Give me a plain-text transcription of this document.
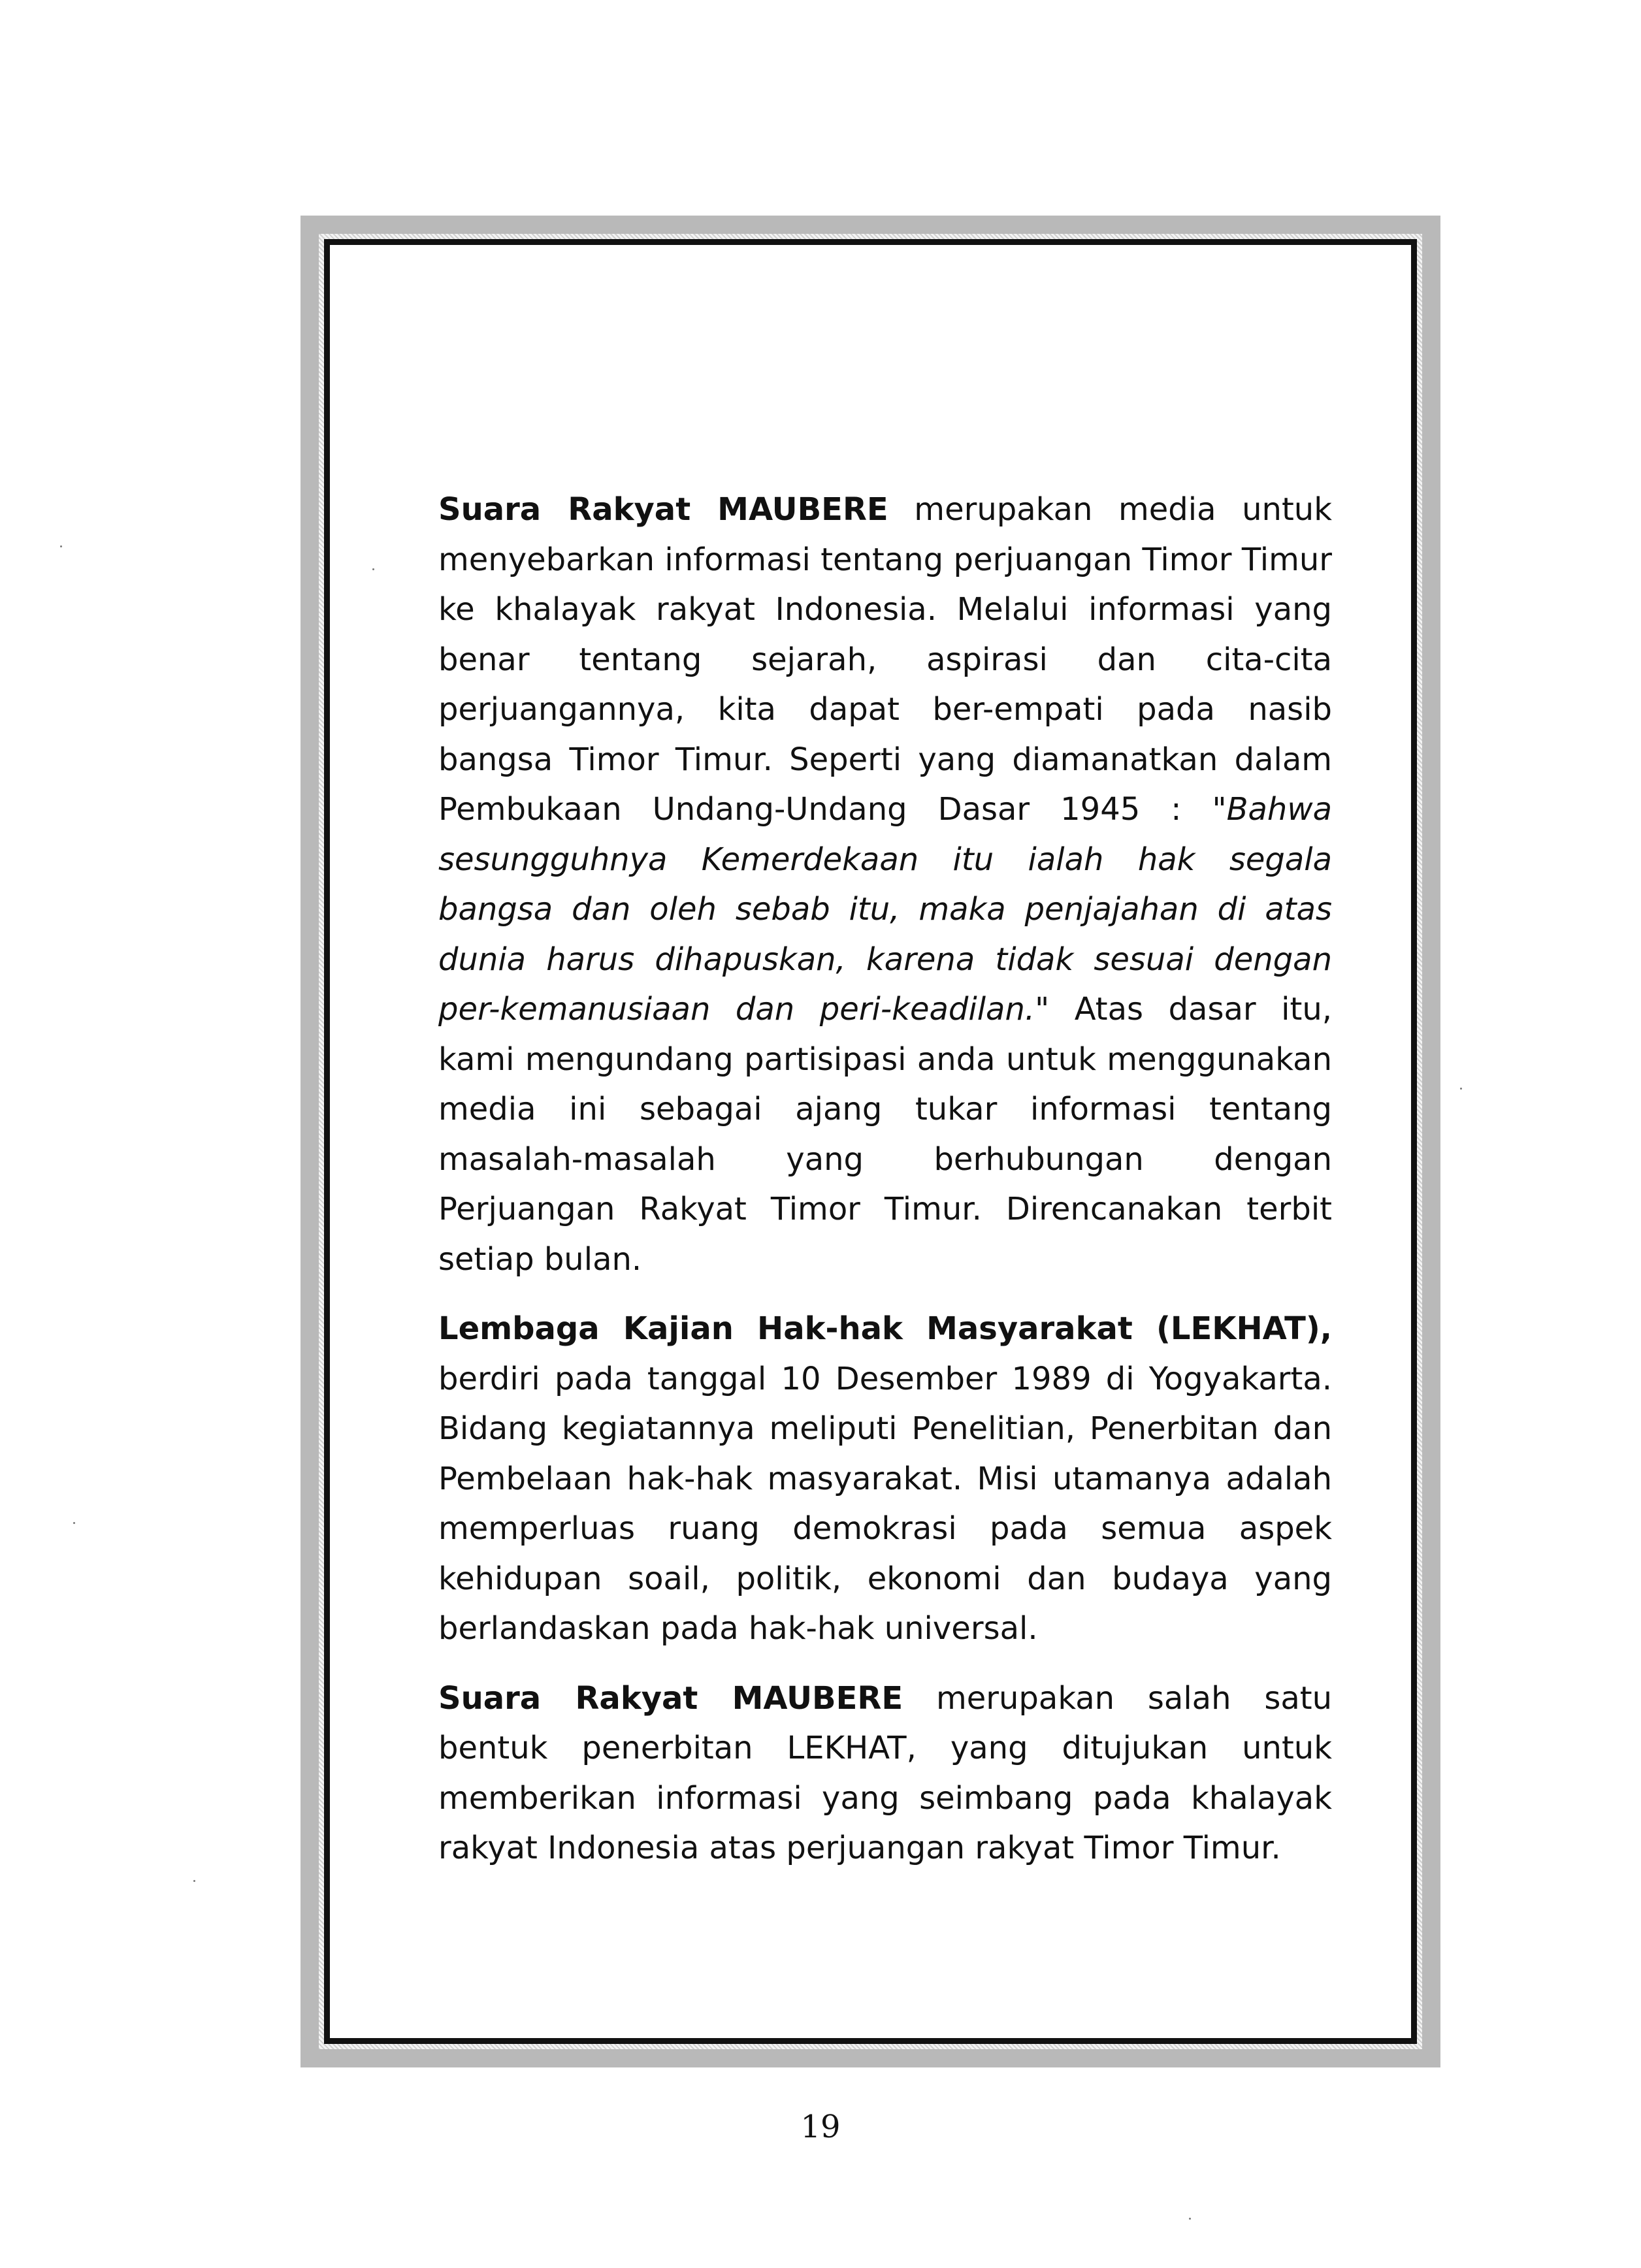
Suara Rakyat MAUBERE merupakan media untuk menyebarkan informasi tentang perjuangan Timor Timur ke khalayak rakyat Indonesia. Melalui informasi yang benar tentang sejarah, aspirasi dan cita-cita perjuangannya, kita dapat ber-empati pada nasib bangsa Timor Timur. Seperti yang diamanatkan dalam Pembukaan Undang-Undang Dasar 1945 : "Bahwa sesungguhnya Kemerdekaan itu ialah hak segala bangsa dan oleh sebab itu, maka penjajahan di atas dunia harus dihapuskan, karena tidak sesuai dengan per-kemanusiaan dan peri-keadilan." Atas dasar itu, kami mengundang partisipasi anda untuk menggunakan media ini sebagai ajang tukar informasi tentang masalah-masalah yang berhubungan dengan Perjuangan Rakyat Timor Timur. Direncanakan terbit setiap bulan.

Lembaga Kajian Hak-hak Masyarakat (LEKHAT), berdiri pada tanggal 10 Desember 1989 di Yogyakarta. Bidang kegiatannya meliputi Penelitian, Penerbitan dan Pembelaan hak-hak masyarakat. Misi utamanya adalah memperluas ruang demokrasi pada semua aspek kehidupan soail, politik, ekonomi dan budaya yang berlandaskan pada hak-hak universal.

Suara Rakyat MAUBERE merupakan salah satu bentuk penerbitan LEKHAT, yang ditujukan untuk memberikan informasi yang seimbang pada khalayak rakyat Indonesia atas perjuangan rakyat Timor Timur.

19
